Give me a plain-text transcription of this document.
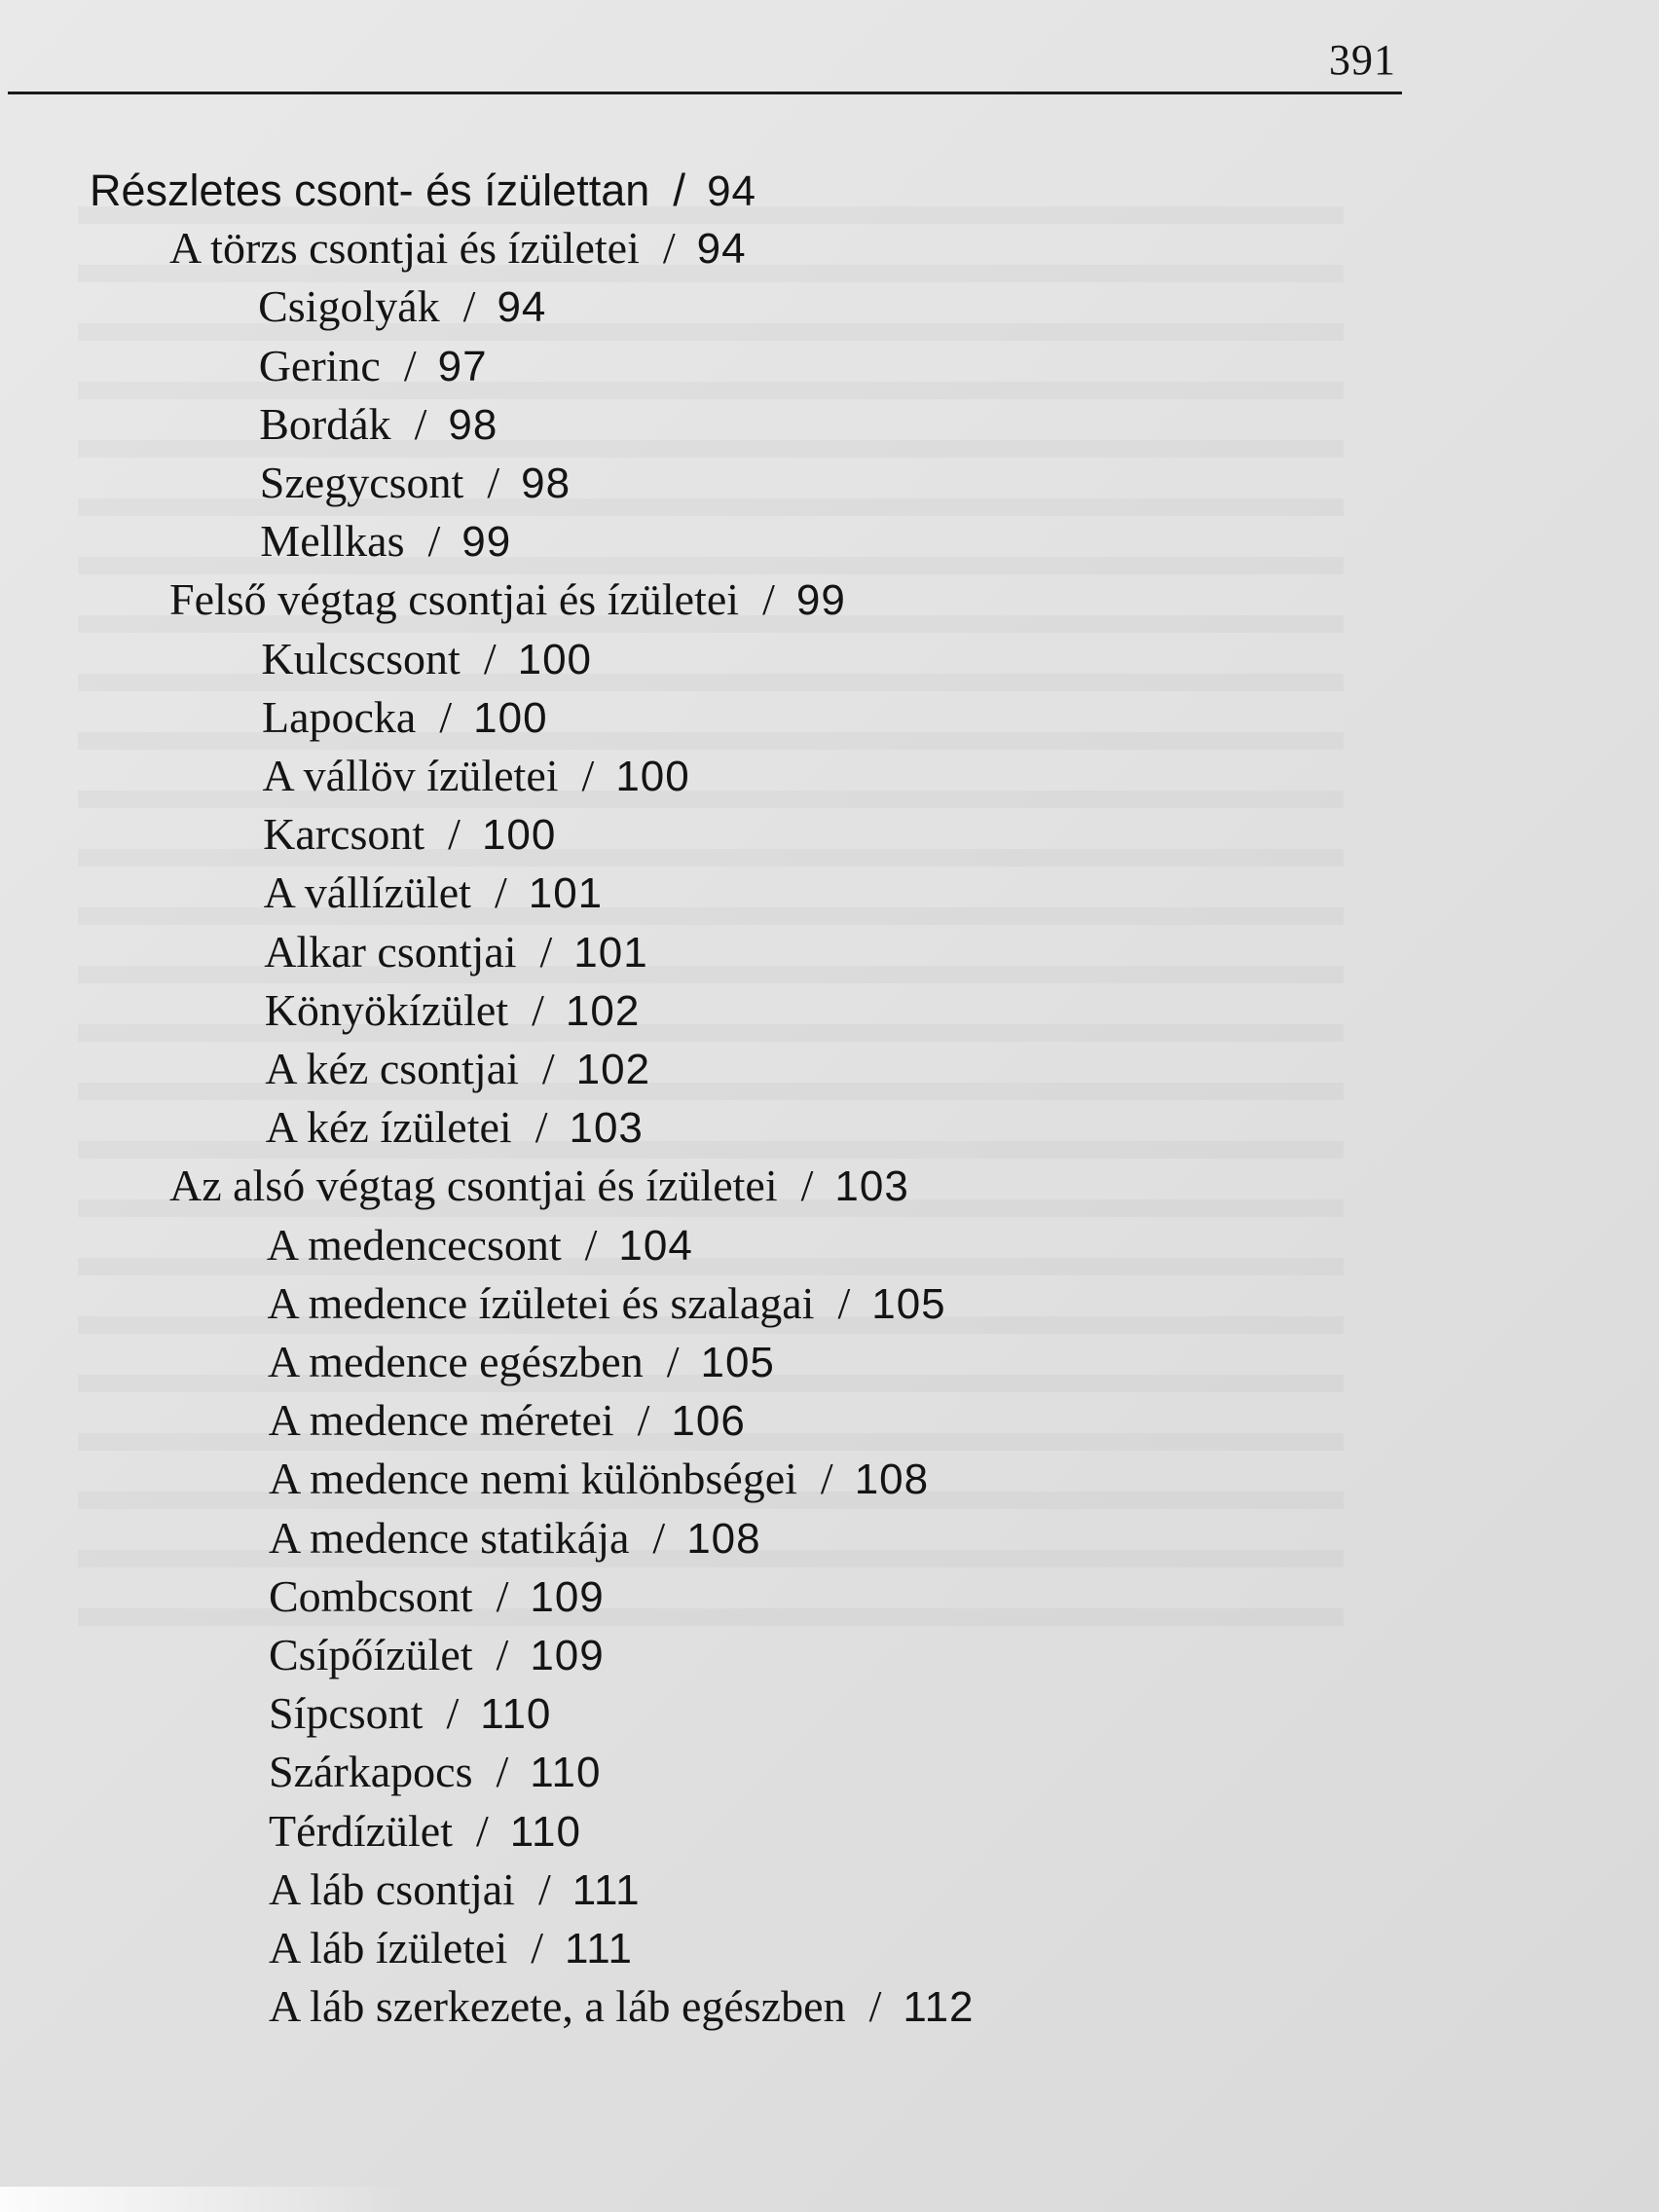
391
Részletes csont- és ízülettan / 94
A törzs csontjai és ízületei / 94
Csigolyák / 94
Gerinc / 97
Bordák / 98
Szegycsont / 98
Mellkas / 99
Felső végtag csontjai és ízületei / 99
Kulcscsont / 100
Lapocka / 100
A vállöv ízületei / 100
Karcsont / 100
A vállízület / 101
Alkar csontjai / 101
Könyökízület / 102
A kéz csontjai / 102
A kéz ízületei / 103
Az alsó végtag csontjai és ízületei / 103
A medencecsont / 104
A medence ízületei és szalagai / 105
A medence egészben / 105
A medence méretei / 106
A medence nemi különbségei / 108
A medence statikája / 108
Combcsont / 109
Csípőízület / 109
Sípcsont / 110
Szárkapocs / 110
Térdízület / 110
A láb csontjai / 111
A láb ízületei / 111
A láb szerkezete, a láb egészben / 112
